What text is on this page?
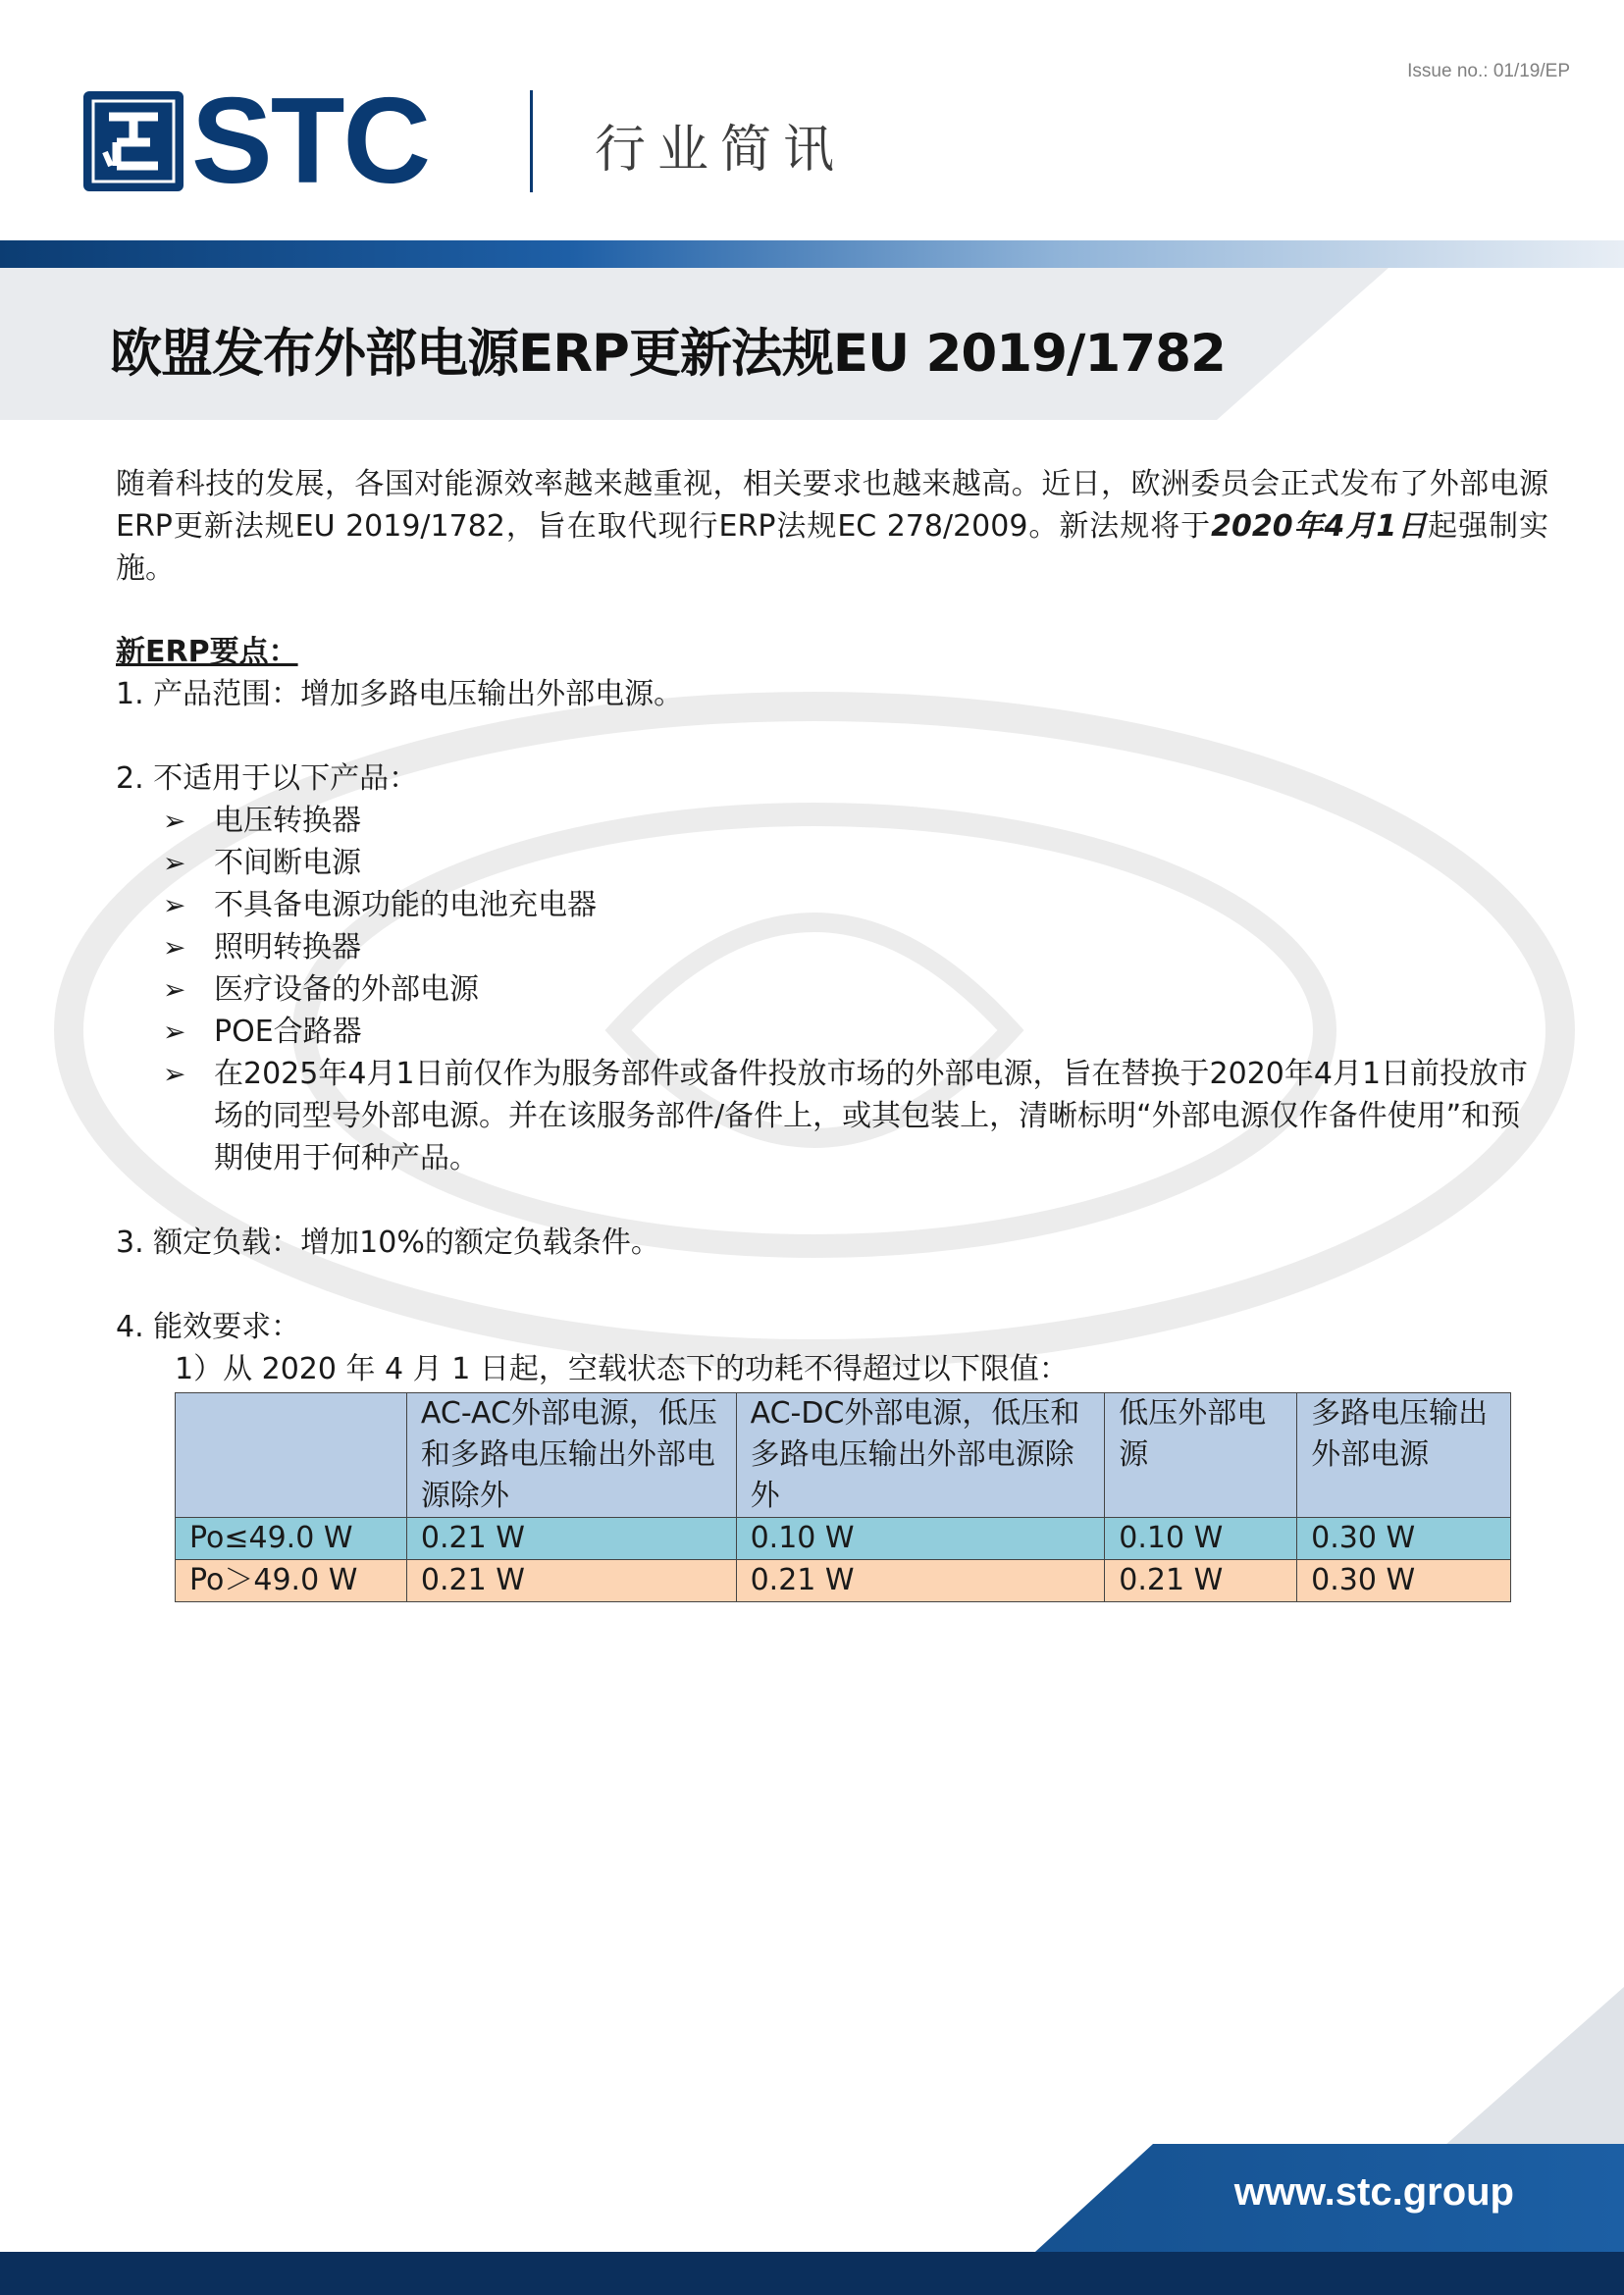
Issue no.: 01/19/EP
STC	行业简讯
欧盟发布外部电源ERP更新法规EU 2019/1782

随着科技的发展，各国对能源效率越来越重视，相关要求也越来越高。近日，欧洲委员会正式发布了外部电源ERP更新法规EU 2019/1782，旨在取代现行ERP法规EC 278/2009。新法规将于2020年4月1日起强制实施。

新ERP要点：

1. 产品范围：增加多路电压输出外部电源。

2. 不适用于以下产品：

➢ 电压转换器
➢ 不间断电源
➢ 不具备电源功能的电池充电器
➢ 照明转换器
➢ 医疗设备的外部电源
➢ POE合路器
➢ 在2025年4月1日前仅作为服务部件或备件投放市场的外部电源，旨在替换于2020年4月1日前投放市场的同型号外部电源。并在该服务部件/备件上，或其包装上，清晰标明“外部电源仅作备件使用”和预期使用于何种产品。

3. 额定负载：增加10%的额定负载条件。

4. 能效要求：

1）从 2020 年 4 月 1 日起，空载状态下的功耗不得超过以下限值：

	AC-AC外部电源，低压和多路电压输出外部电源除外	AC-DC外部电源，低压和多路电压输出外部电源除外	低压外部电源	多路电压输出外部电源
Po≤49.0 W	0.21 W	0.10 W	0.10 W	0.30 W
Po＞49.0 W	0.21 W	0.21 W	0.21 W	0.30 W
www.stc.group
